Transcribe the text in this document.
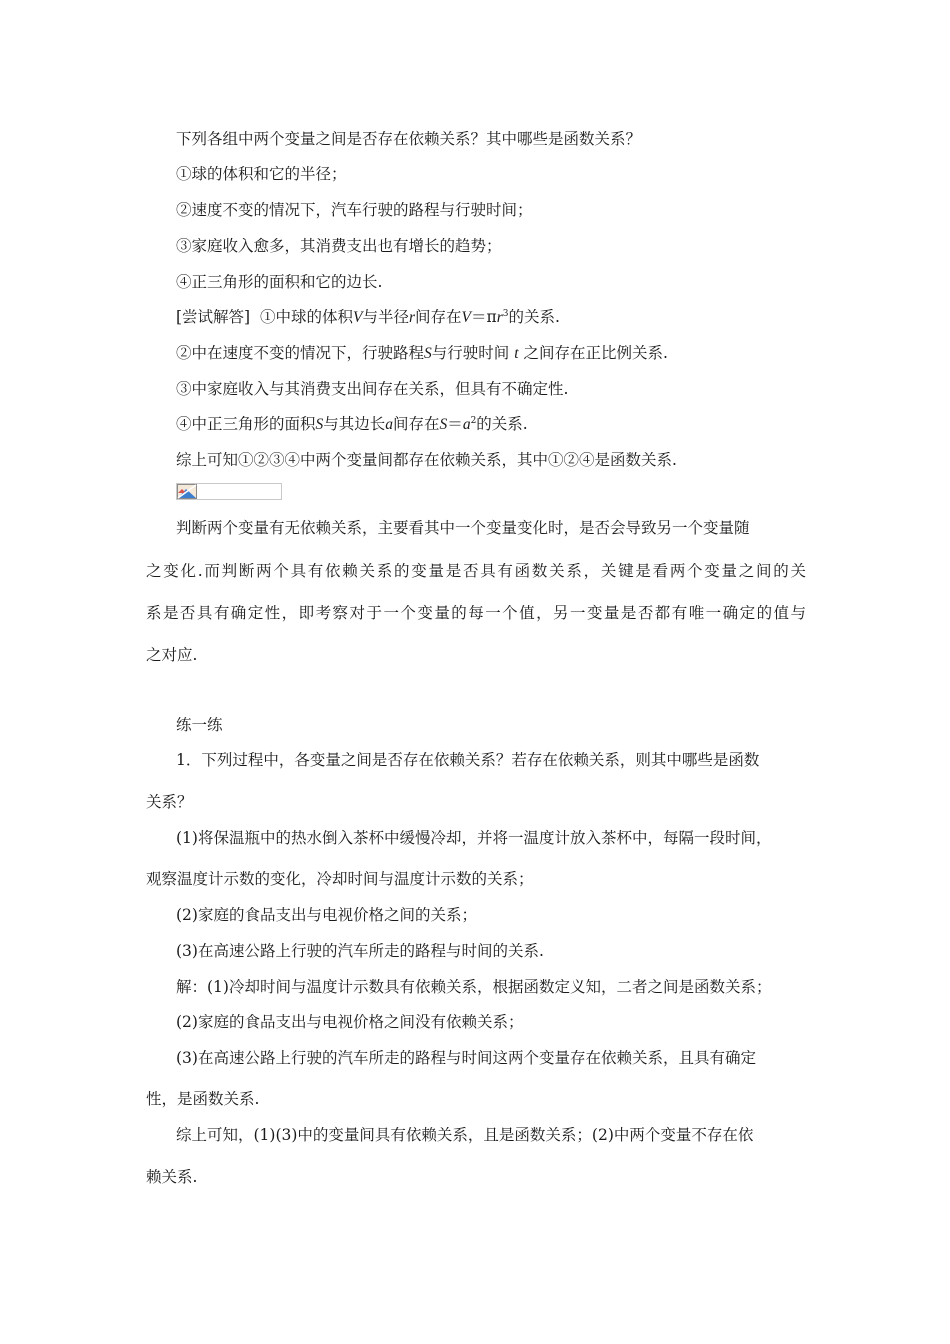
下列各组中两个变量之间是否存在依赖关系？其中哪些是函数关系？
①球的体积和它的半径；
②速度不变的情况下，汽车行驶的路程与行驶时间；
③家庭收入愈多，其消费支出也有增长的趋势；
④正三角形的面积和它的边长.
[尝试解答] ①中球的体积V与半径r间存在$V=\pi r^3$的关系.
②中在速度不变的情况下，行驶路程S与行驶时间 t 之间存在正比例关系.
③中家庭收入与其消费支出间存在关系，但具有不确定性.
④中正三角形的面积S与其边长a间存在$S=a^2$的关系.
综上可知①②③④中两个变量间都存在依赖关系，其中①②④是函数关系.
判断两个变量有无依赖关系，主要看其中一个变量变化时，是否会导致另一个变量随
之变化.而判断两个具有依赖关系的变量是否具有函数关系，关键是看两个变量之间的关
系是否具有确定性，即考察对于一个变量的每一个值，另一变量是否都有唯一确定的值与
之对应.
练一练
1．下列过程中，各变量之间是否存在依赖关系？若存在依赖关系，则其中哪些是函数
关系？
(1)将保温瓶中的热水倒入茶杯中缓慢冷却，并将一温度计放入茶杯中，每隔一段时间，
观察温度计示数的变化，冷却时间与温度计示数的关系；
(2)家庭的食品支出与电视价格之间的关系；
(3)在高速公路上行驶的汽车所走的路程与时间的关系.
解：(1)冷却时间与温度计示数具有依赖关系，根据函数定义知，二者之间是函数关系；
(2)家庭的食品支出与电视价格之间没有依赖关系；
(3)在高速公路上行驶的汽车所走的路程与时间这两个变量存在依赖关系，且具有确定
性，是函数关系.
综上可知，(1)(3)中的变量间具有依赖关系，且是函数关系；(2)中两个变量不存在依
赖关系.
